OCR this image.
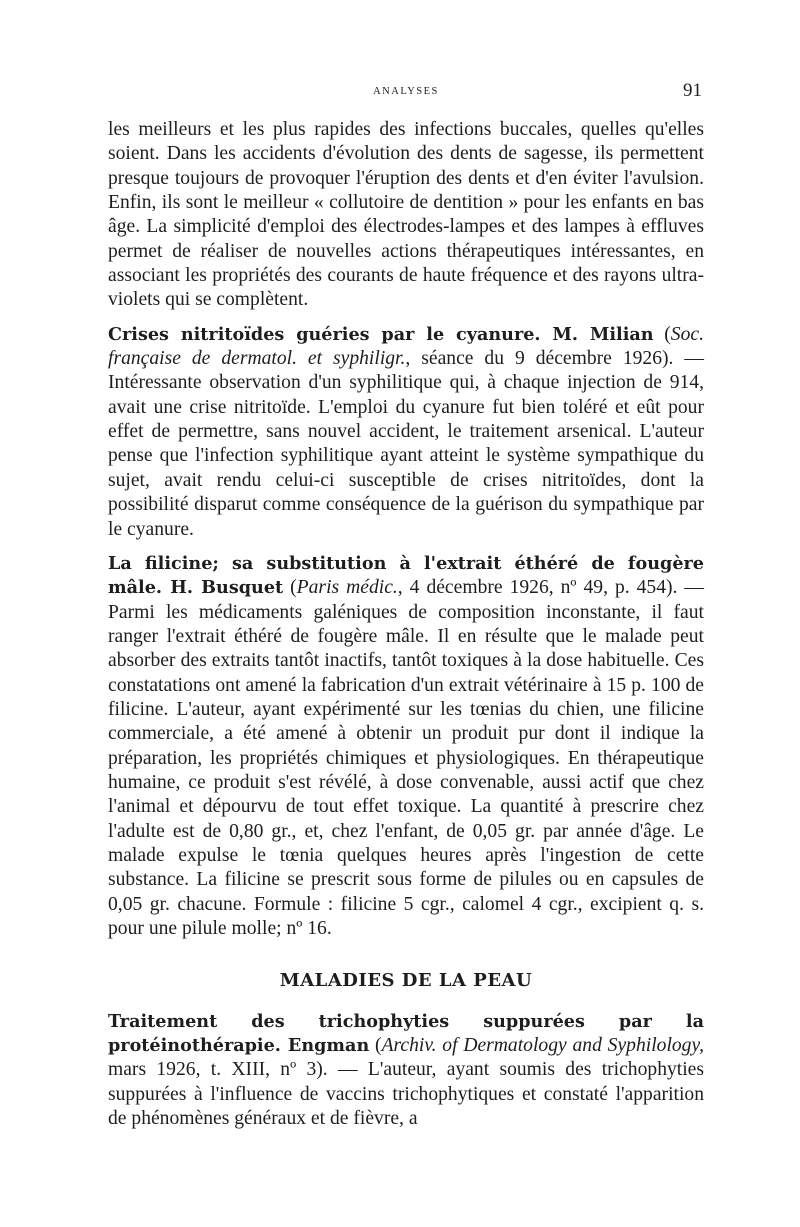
ANALYSES	91

les meilleurs et les plus rapides des infections buccales, quelles qu'elles soient. Dans les accidents d'évolution des dents de sagesse, ils permettent presque toujours de provoquer l'éruption des dents et d'en éviter l'avulsion. Enfin, ils sont le meilleur « collutoire de dentition » pour les enfants en bas âge. La simplicité d'emploi des électrodes-lampes et des lampes à effluves permet de réaliser de nouvelles actions thérapeutiques intéressantes, en associant les propriétés des courants de haute fréquence et des rayons ultra-violets qui se complètent.

Crises nitritoïdes guéries par le cyanure. M. Milian (Soc. française de dermatol. et syphiligr., séance du 9 décembre 1926). — Intéressante observation d'un syphilitique qui, à chaque injection de 914, avait une crise nitritoïde. L'emploi du cyanure fut bien toléré et eût pour effet de permettre, sans nouvel accident, le traitement arsenical. L'auteur pense que l'infection syphilitique ayant atteint le système sympathique du sujet, avait rendu celui-ci susceptible de crises nitritoïdes, dont la possibilité disparut comme conséquence de la guérison du sympathique par le cyanure.

La filicine; sa substitution à l'extrait éthéré de fougère mâle. H. Busquet (Paris médic., 4 décembre 1926, nº 49, p. 454). — Parmi les médicaments galéniques de composition inconstante, il faut ranger l'extrait éthéré de fougère mâle. Il en résulte que le malade peut absorber des extraits tantôt inactifs, tantôt toxiques à la dose habituelle. Ces constatations ont amené la fabrication d'un extrait vétérinaire à 15 p. 100 de filicine. L'auteur, ayant expérimenté sur les tœnias du chien, une filicine commerciale, a été amené à obtenir un produit pur dont il indique la préparation, les propriétés chimiques et physiologiques. En thérapeutique humaine, ce produit s'est révélé, à dose convenable, aussi actif que chez l'animal et dépourvu de tout effet toxique. La quantité à prescrire chez l'adulte est de 0,80 gr., et, chez l'enfant, de 0,05 gr. par année d'âge. Le malade expulse le tœnia quelques heures après l'ingestion de cette substance. La filicine se prescrit sous forme de pilules ou en capsules de 0,05 gr. chacune. Formule : filicine 5 cgr., calomel 4 cgr., excipient q. s. pour une pilule molle; nº 16.

MALADIES DE LA PEAU

Traitement des trichophyties suppurées par la protéinothérapie. Engman (Archiv. of Dermatology and Syphilology, mars 1926, t. XIII, nº 3). — L'auteur, ayant soumis des trichophyties suppurées à l'influence de vaccins trichophytiques et constaté l'apparition de phénomènes généraux et de fièvre, a
